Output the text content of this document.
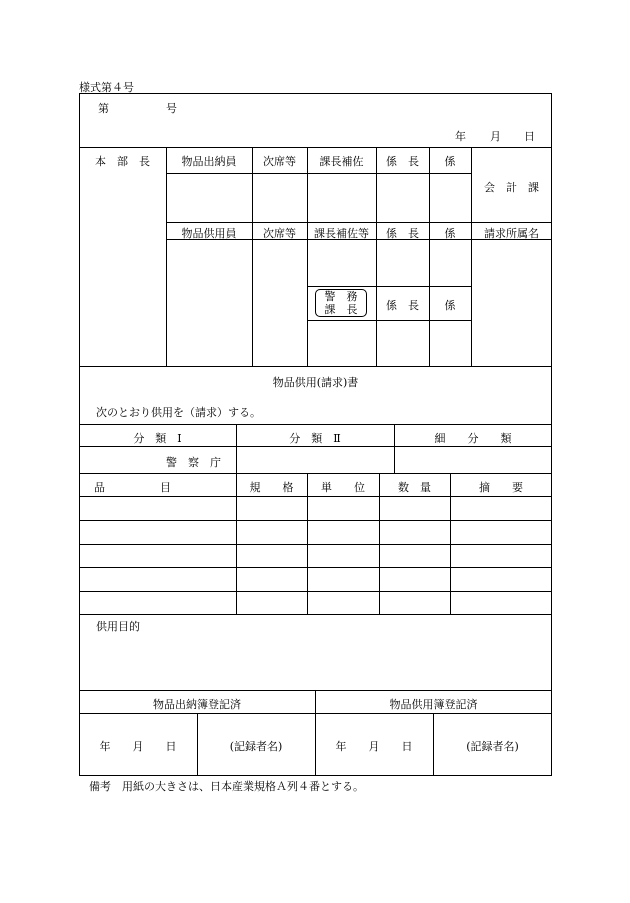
様式第４号
第	号
年 月 日
本　部　長	物品出納員	次席等	課長補佐	係　長	係
会　計　課
物品供用員	次席等	課長補佐等	係　長	係	請求所属名
警　務
課　長	係　長	係
物品供用(請求)書
次のとおり供用を（請求）する。
分　類　Ⅰ	分　類　Ⅱ	細　　分　　類
警　察　庁
品　　　　　目	規　　格	単　　位	数　量	摘　　要
供用目的
物品出納簿登記済	物品供用簿登記済
年　　月　　日	(記録者名)	年　　月　　日	(記録者名)
備考　用紙の大きさは、日本産業規格Ａ列４番とする。
